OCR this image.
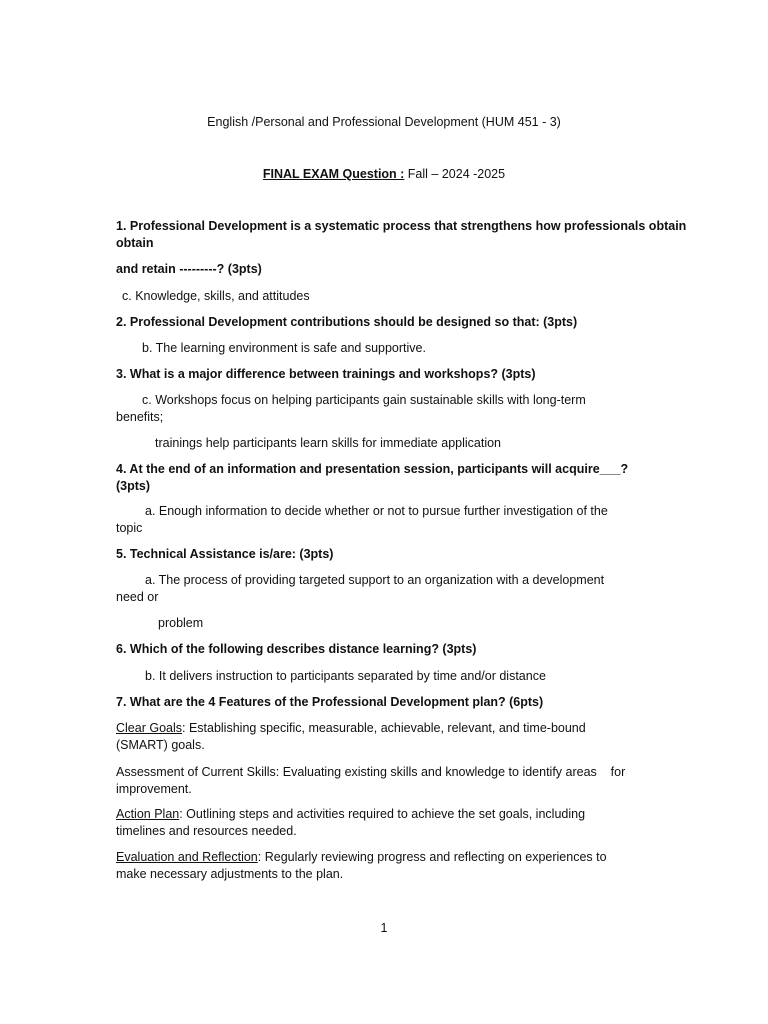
English /Personal and Professional Development (HUM 451 - 3)
FINAL EXAM Question : Fall – 2024 -2025
1. Professional Development is a systematic process that strengthens how professionals obtain
obtain
and retain ---------? (3pts)
c. Knowledge, skills, and attitudes
2. Professional Development contributions should be designed so that: (3pts)
b. The learning environment is safe and supportive.
3. What is a major difference between trainings and workshops? (3pts)
c. Workshops focus on helping participants gain sustainable skills with long-term
benefits;
trainings help participants learn skills for immediate application
4. At the end of an information and presentation session, participants will acquire___?
(3pts)
a. Enough information to decide whether or not to pursue further investigation of the
topic
5. Technical Assistance is/are: (3pts)
a. The process of providing targeted support to an organization with a development
need or
problem
6. Which of the following describes distance learning? (3pts)
b. It delivers instruction to participants separated by time and/or distance
7. What are the 4 Features of the Professional Development plan? (6pts)
Clear Goals: Establishing specific, measurable, achievable, relevant, and time-bound
(SMART) goals.
Assessment of Current Skills: Evaluating existing skills and knowledge to identify areas    for
improvement.
Action Plan: Outlining steps and activities required to achieve the set goals, including
timelines and resources needed.
Evaluation and Reflection: Regularly reviewing progress and reflecting on experiences to
make necessary adjustments to the plan.
1
